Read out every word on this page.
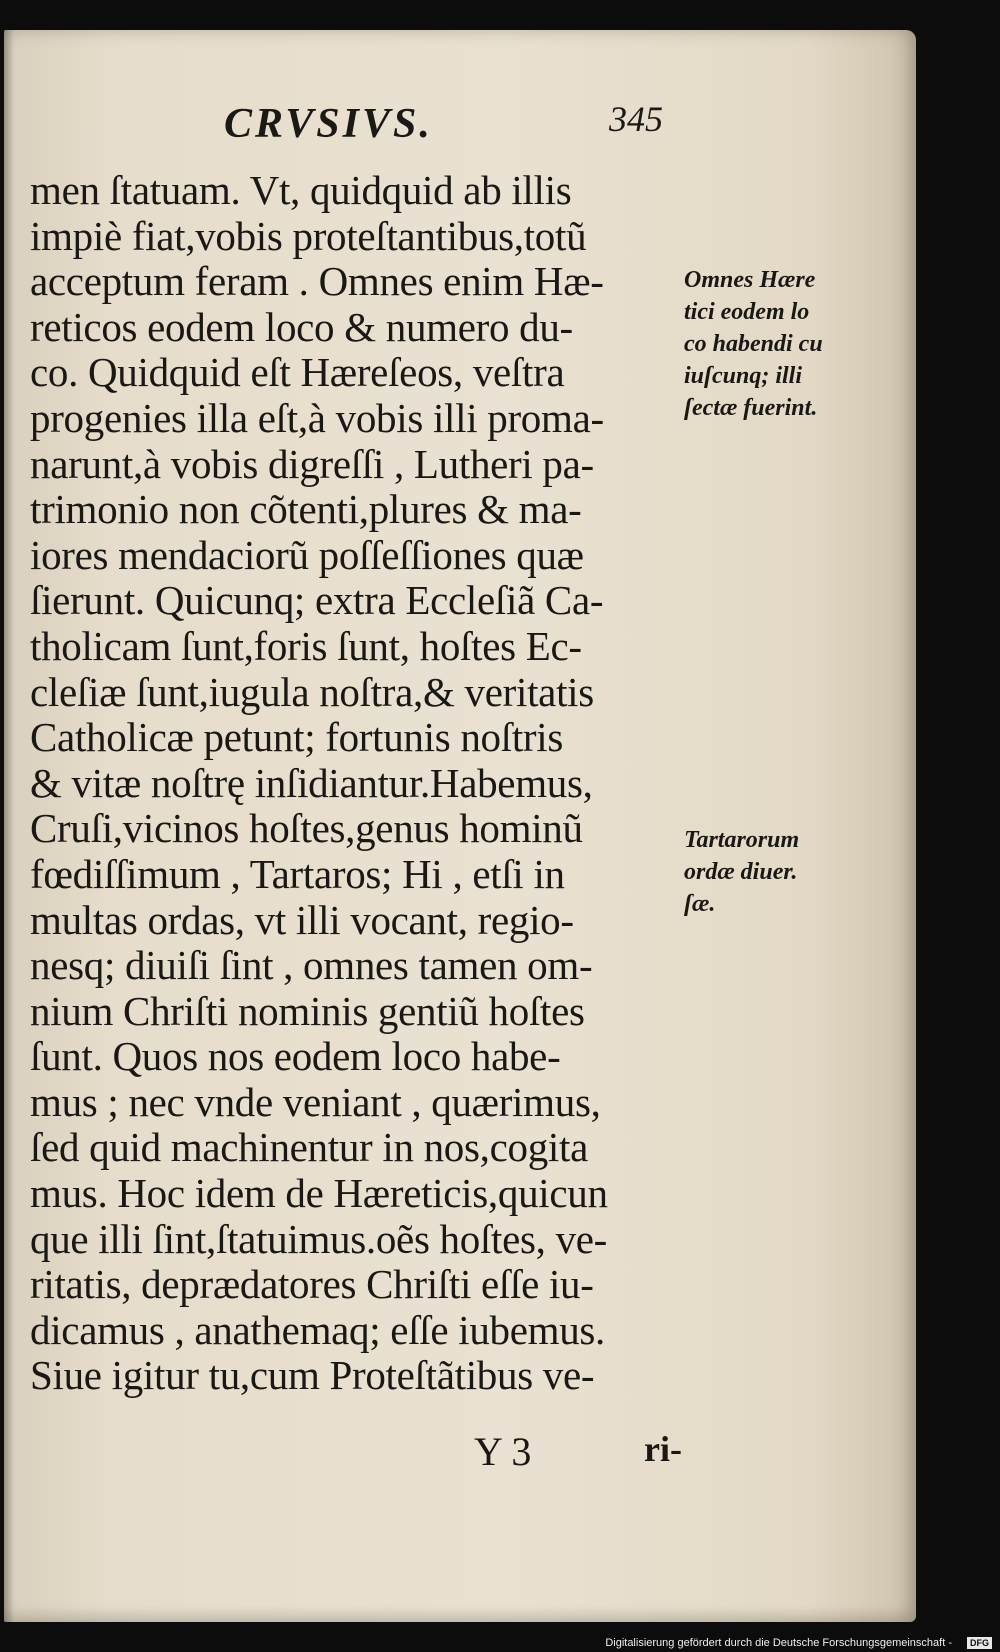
CRVSIVS.	345
men ſtatuam. Vt, quidquid ab illis
impiè fiat,vobis proteſtantibus,totũ
acceptum feram . Omnes enim Hæ-
reticos eodem loco & numero du-
co. Quidquid eſt Hæreſeos, veſtra
progenies illa eſt,à vobis illi proma-
narunt,à vobis digreſſi , Lutheri pa-
trimonio non cõtenti,plures & ma-
iores mendaciorũ poſſeſſiones quæ
ſierunt. Quicunq; extra Eccleſiã Ca-
tholicam ſunt,foris ſunt, hoſtes Ec-
cleſiæ ſunt,iugula noſtra,& veritatis
Catholicæ petunt; fortunis noſtris
& vitæ noſtrę inſidiantur.Habemus,
Cruſi,vicinos hoſtes,genus hominũ
fœdiſſimum , Tartaros; Hi , etſi in
multas ordas, vt illi vocant, regio-
nesq; diuiſi ſint , omnes tamen om-
nium Chriſti nominis gentiũ hoſtes
ſunt. Quos nos eodem loco habe-
mus ; nec vnde veniant , quærimus,
ſed quid machinentur in nos,cogita
mus. Hoc idem de Hæreticis,quicun
que illi ſint,ſtatuimus.oẽs hoſtes, ve-
ritatis, deprædatores Chriſti eſſe iu-
dicamus , anathemaq; eſſe iubemus.
Siue igitur tu,cum Proteſtãtibus ve-
Omnes Hære
tici eodem lo
co habendi cu
iuſcunq; illi
ſectæ fuerint.
Tartarorum
ordæ diuer.
ſæ.
Y 3	ri-
Digitalisierung gefördert durch die Deutsche Forschungsgemeinschaft -	DFG
